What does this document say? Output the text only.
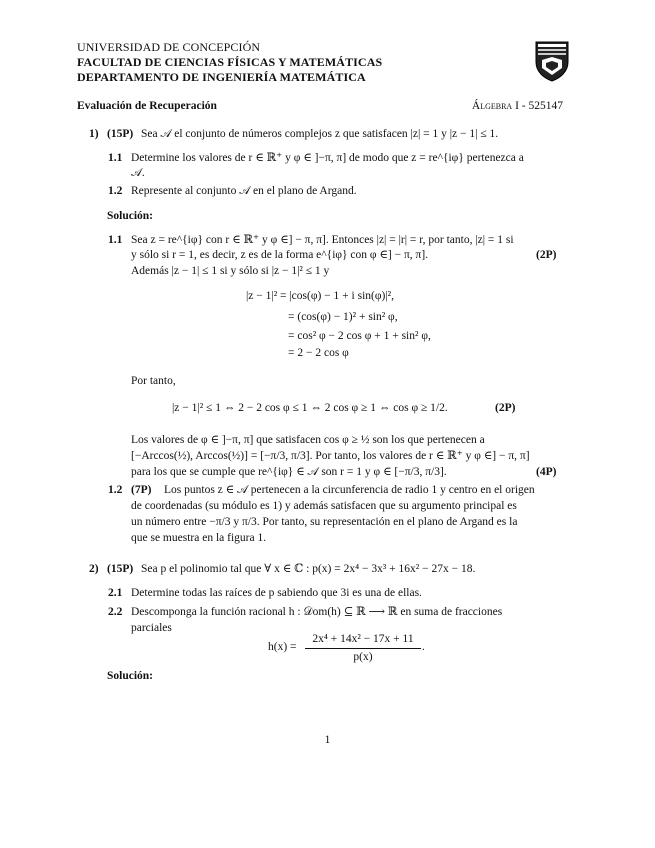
UNIVERSIDAD DE CONCEPCIÓN
FACULTAD DE CIENCIAS FÍSICAS Y MATEMÁTICAS
DEPARTAMENTO DE INGENIERÍA MATEMÁTICA
Evaluación de Recuperación	Álgebra I - 525147
1) (15P) Sea 𝒜 el conjunto de números complejos z que satisfacen |z| = 1 y |z − 1| ≤ 1.
1.1 Determine los valores de r ∈ ℝ⁺ y φ ∈ ]−π, π] de modo que z = re^{iφ} pertenezca a
𝒜.
1.2 Represente al conjunto 𝒜 en el plano de Argand.
Solución:
1.1 Sea z = re^{iφ} con r ∈ ℝ⁺ y φ ∈] − π, π]. Entonces |z| = |r| = r, por tanto, |z| = 1 si
y sólo si r = 1, es decir, z es de la forma e^{iφ} con φ ∈] − π, π].	(2P)
Además |z − 1| ≤ 1 si y sólo si |z − 1|² ≤ 1 y
|z − 1|² = |cos(φ) − 1 + i sin(φ)|²,
= (cos(φ) − 1)² + sin² φ,
= cos² φ − 2 cos φ + 1 + sin² φ,
= 2 − 2 cos φ
Por tanto,
|z − 1|² ≤ 1 ⇔ 2 − 2 cos φ ≤ 1 ⇔ 2 cos φ ≥ 1 ⇔ cos φ ≥ 1/2.	(2P)
Los valores de φ ∈ ]−π, π] que satisfacen cos φ ≥ ½ son los que pertenecen a
[−Arccos(½), Arccos(½)] = [−π/3, π/3]. Por tanto, los valores de r ∈ ℝ⁺ y φ ∈] − π, π]
para los que se cumple que re^{iφ} ∈ 𝒜 son r = 1 y φ ∈ [−π/3, π/3].	(4P)
1.2 (7P) Los puntos z ∈ 𝒜 pertenecen a la circunferencia de radio 1 y centro en el origen
de coordenadas (su módulo es 1) y además satisfacen que su argumento principal es
un número entre −π/3 y π/3. Por tanto, su representación en el plano de Argand es la
que se muestra en la figura 1.
2) (15P) Sea p el polinomio tal que ∀ x ∈ ℂ : p(x) = 2x⁴ − 3x³ + 16x² − 27x − 18.
2.1 Determine todas las raíces de p sabiendo que 3i es una de ellas.
2.2 Descomponga la función racional h : 𝒟om(h) ⊆ ℝ ⟶ ℝ en suma de fracciones
parciales
h(x) =
2x⁴ + 14x² − 17x + 11
p(x)
.
Solución:
1
